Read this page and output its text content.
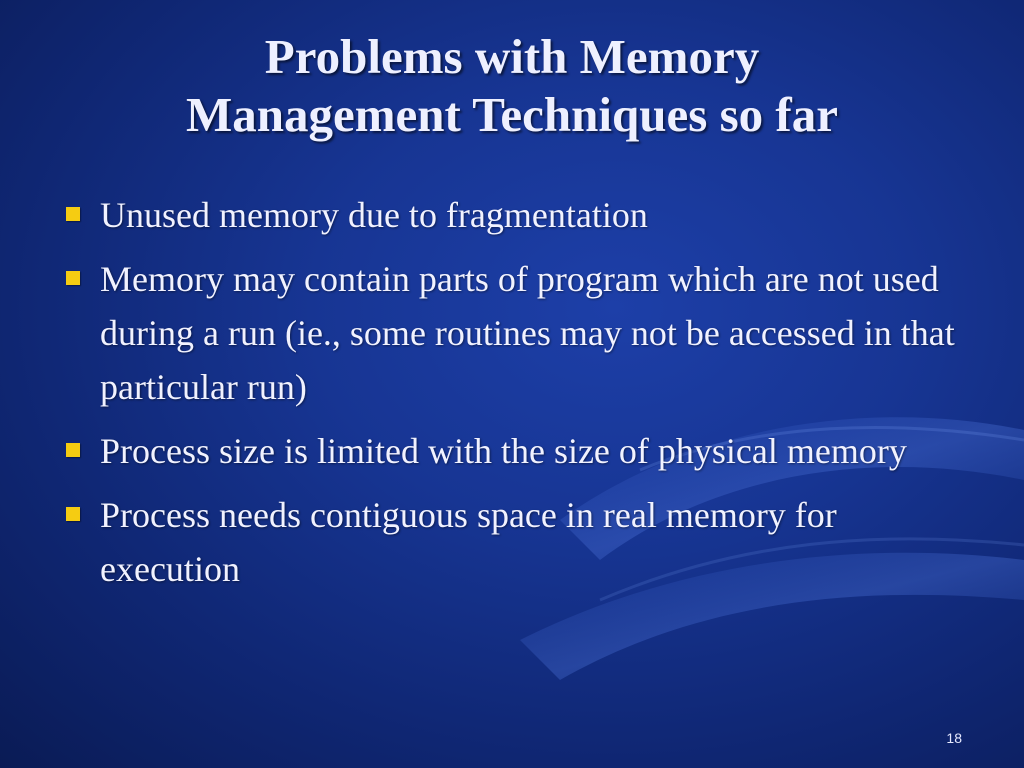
Problems with Memory
Management Techniques so far
Unused memory due to fragmentation
Memory may contain parts of program which are not used during a run (ie., some routines may not be accessed in that particular run)
Process size is limited with the size of physical memory
Process needs contiguous space in real memory for execution
18
